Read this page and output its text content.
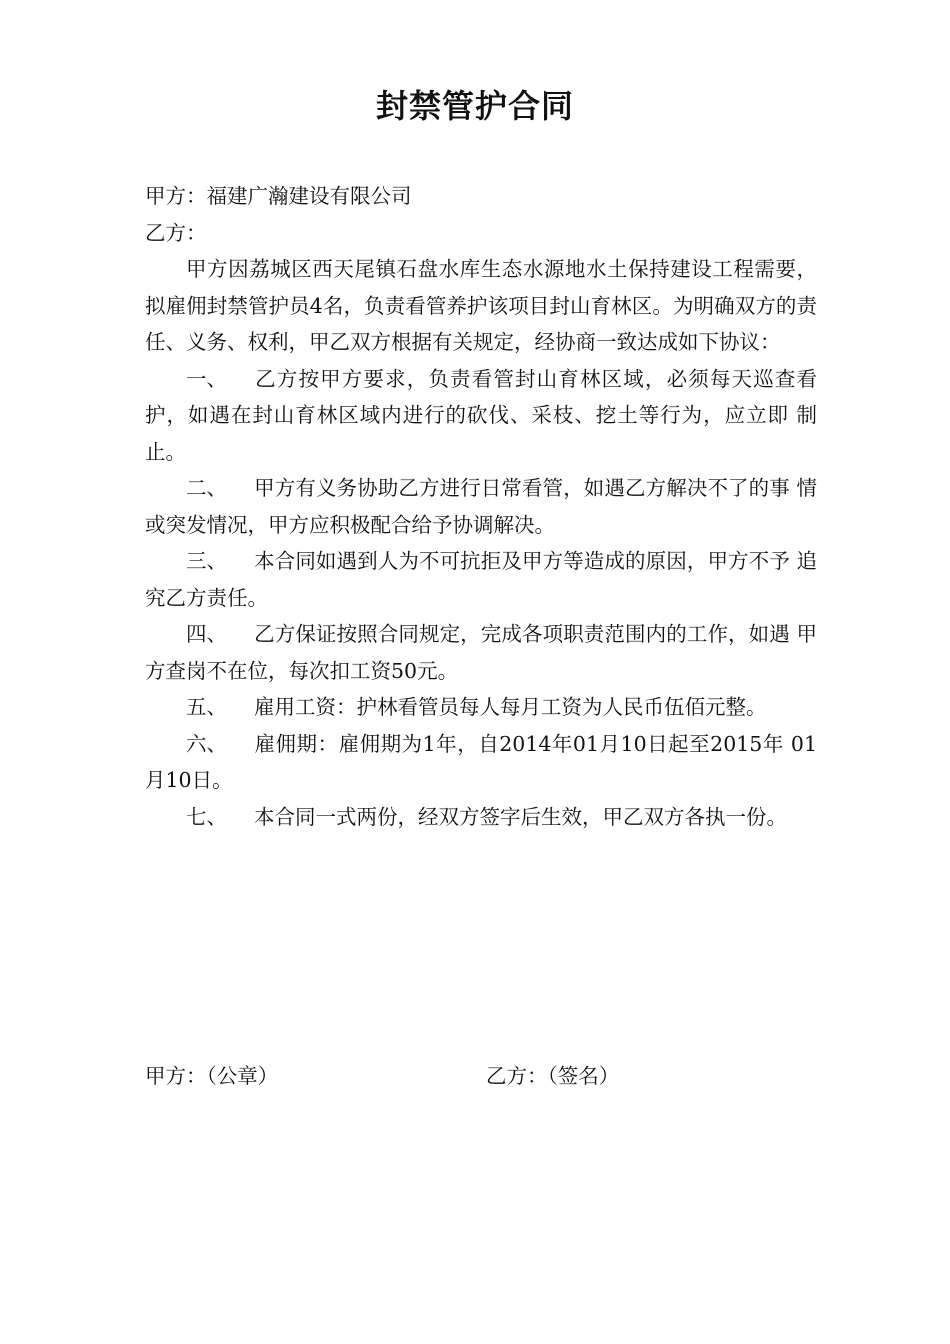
封禁管护合同

甲方：福建广瀚建设有限公司

乙方：

甲方因荔城区西天尾镇石盘水库生态水源地水土保持建设工程需要，拟雇佣封禁管护员4名，负责看管养护该项目封山育林区。为明确双方的责任、义务、权利，甲乙双方根据有关规定，经协商一致达成如下协议：

一、 乙方按甲方要求，负责看管封山育林区域，必须每天巡查看 护，如遇在封山育林区域内进行的砍伐、采枝、挖土等行为，应立即 制止。

二、 甲方有义务协助乙方进行日常看管，如遇乙方解决不了的事 情或突发情况，甲方应积极配合给予协调解决。

三、 本合同如遇到人为不可抗拒及甲方等造成的原因，甲方不予 追究乙方责任。

四、 乙方保证按照合同规定，完成各项职责范围内的工作，如遇 甲方查岗不在位，每次扣工资50元。

五、 雇用工资：护林看管员每人每月工资为人民币伍佰元整。

六、 雇佣期：雇佣期为1年，自2014年01月10日起至2015年 01月10日。

七、 本合同一式两份，经双方签字后生效，甲乙双方各执一份。

甲方：（公章）	乙方：（签名）
